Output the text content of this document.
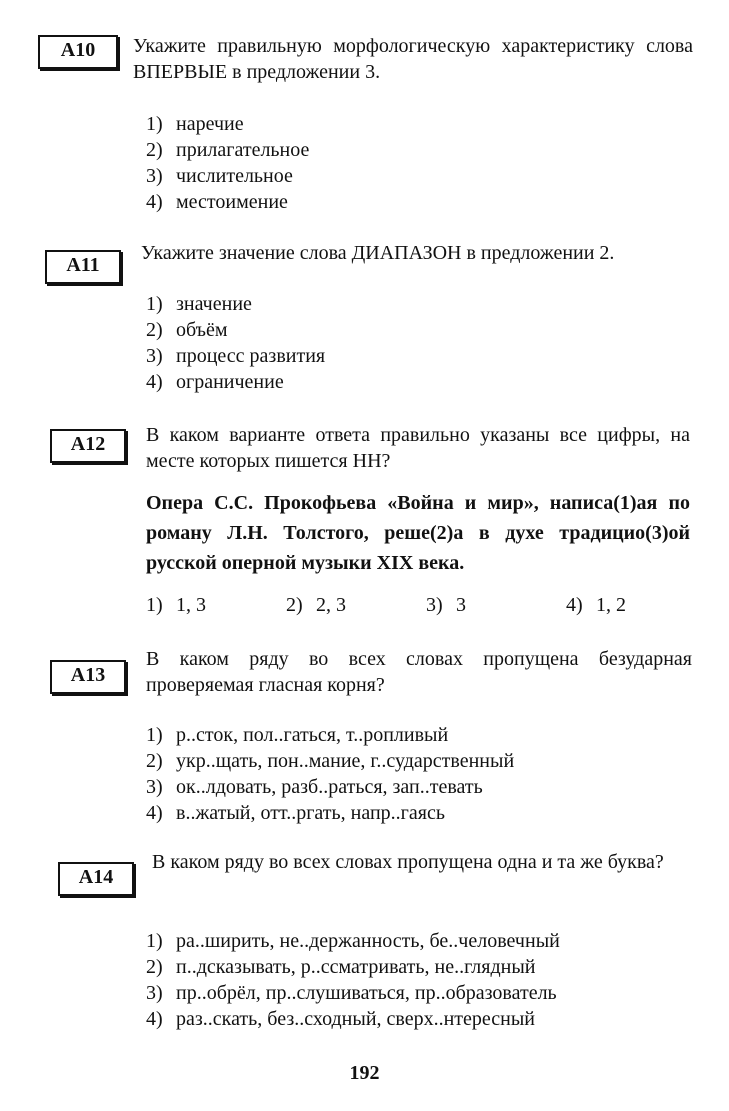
A10	Укажите правильную морфологическую характеристику слова ВПЕРВЫЕ в предложении 3.
1) наречие
2) прилагательное
3) числительное
4) местоимение
A11
Укажите значение слова ДИАПАЗОН в предложении 2.
1) значение
2) объём
3) процесс развития
4) ограничение
A12	В каком варианте ответа правильно указаны все цифры, на месте которых пишется НН?
Опера С.С. Прокофьева «Война и мир», написа(1)ая по роману Л.Н. Толстого, реше(2)а в духе традицио(3)ой русской оперной музыки XIX века.
1) 1, 3	2) 2, 3	3) 3	4) 1, 2
A13
В каком ряду во всех словах пропущена безударная проверяемая гласная корня?
1) р..сток, пол..гаться, т..ропливый
2) укр..щать, пон..мание, г..сударственный
3) ок..лдовать, разб..раться, зап..тевать
4) в..жатый, отт..ргать, напр..гаясь
A14
В каком ряду во всех словах пропущена одна и та же буква?
1) ра..ширить, не..держанность, бе..человечный
2) п..дсказывать, р..ссматривать, не..глядный
3) пр..обрёл, пр..слушиваться, пр..образователь
4) раз..скать, без..сходный, сверх..нтересный
192
